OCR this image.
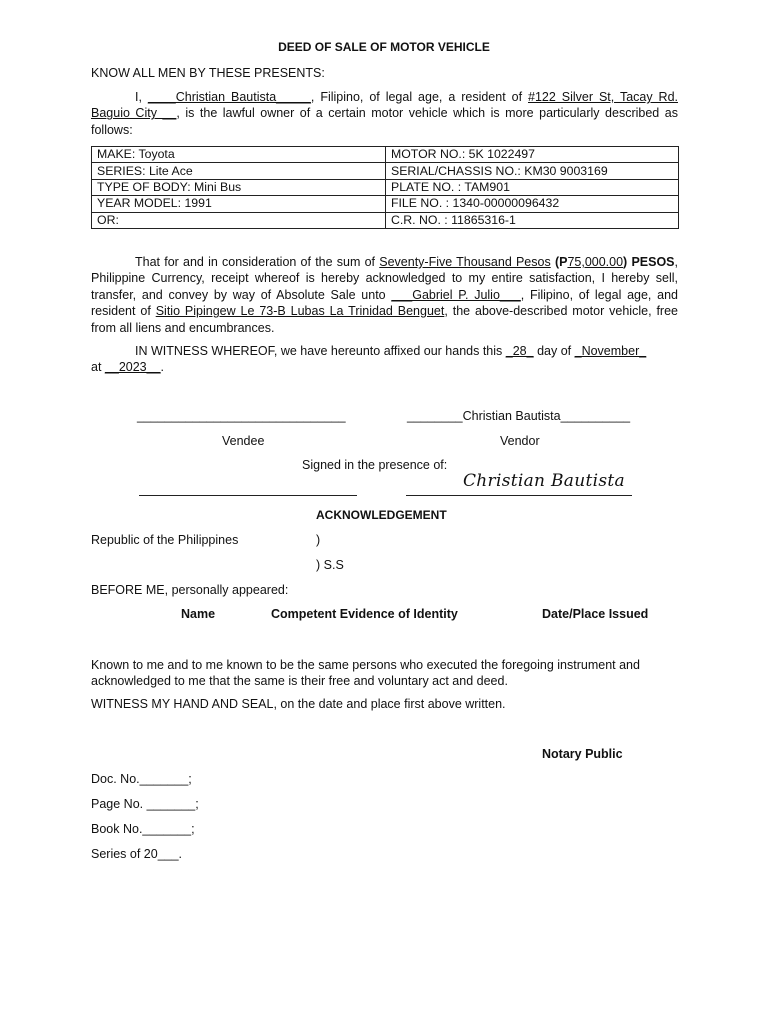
DEED OF SALE OF MOTOR VEHICLE
KNOW ALL MEN BY THESE PRESENTS:
I, ____Christian Bautista_____, Filipino, of legal age, a resident of #122 Silver St, Tacay Rd. Baguio City __, is the lawful owner of a certain motor vehicle which is more particularly described as follows:
MAKE: Toyota	MOTOR NO.: 5K 1022497
SERIES: Lite Ace	SERIAL/CHASSIS NO.: KM30 9003169
TYPE OF BODY: Mini Bus	PLATE NO. : TAM901
YEAR MODEL: 1991	FILE NO. : 1340-00000096432
OR:	C.R. NO. : 11865316-1
That for and in consideration of the sum of Seventy-Five Thousand Pesos (P75,000.00) PESOS, Philippine Currency, receipt whereof is hereby acknowledged to my entire satisfaction, I hereby sell, transfer, and convey by way of Absolute Sale unto ___Gabriel P. Julio___, Filipino, of legal age, and resident of Sitio Pipingew Le 73-B Lubas La Trinidad Benguet, the above-described motor vehicle, free from all liens and encumbrances.
IN WITNESS WHEREOF, we have hereunto affixed our hands this _28_ day of _November_
at __2023__.
______________________________	________Christian Bautista__________
Vendee	Vendor
Signed in the presence of:
Christian Bautista
ACKNOWLEDGEMENT
Republic of the Philippines	)
) S.S
BEFORE ME, personally appeared:
Name	Competent Evidence of Identity	Date/Place Issued
Known to me and to me known to be the same persons who executed the foregoing instrument and acknowledged to me that the same is their free and voluntary act and deed.
WITNESS MY HAND AND SEAL, on the date and place first above written.
Notary Public
Doc. No._______;
Page No. _______;
Book No._______;
Series of 20___.
